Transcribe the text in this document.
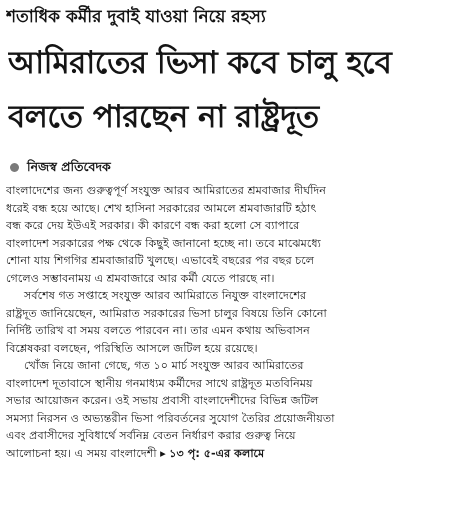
শতাধিক কর্মীর দুবাই যাওয়া নিয়ে রহস্য
আমিরাতের ভিসা কবে চালু হবে
বলতে পারছেন না রাষ্ট্রদূত
নিজস্ব প্রতিবেদক
বাংলাদেশের জন্য গুরুত্বপূর্ণ সংযুক্ত আরব আমিরাতের শ্রমবাজার দীর্ঘদিন
ধরেই বন্ধ হয়ে আছে। শেখ হাসিনা সরকারের আমলে শ্রমবাজারটি হঠাৎ
বন্ধ করে দেয় ইউএই সরকার। কী কারণে বন্ধ করা হলো সে ব্যাপারে
বাংলাদেশ সরকারের পক্ষ থেকে কিছুই জানানো হচ্ছে না। তবে মাঝেমধ্যে
শোনা যায় শিগগির শ্রমবাজারটি খুলছে। এভাবেই বছরের পর বছর চলে
গেলেও সম্ভাবনাময় এ শ্রমবাজারে আর কর্মী যেতে পারছে না।
সর্বশেষ গত সপ্তাহে সংযুক্ত আরব আমিরাতে নিযুক্ত বাংলাদেশের
রাষ্ট্রদূত জানিয়েছেন, আমিরাত সরকারের ভিসা চালুর বিষয়ে তিনি কোনো
নির্দিষ্ট তারিখ বা সময় বলতে পারবেন না। তার এমন কথায় অভিবাসন
বিশ্লেষকরা বলছেন, পরিস্থিতি আসলে জটিল হয়ে রয়েছে।
খোঁজ নিয়ে জানা গেছে, গত ১০ মার্চ সংযুক্ত আরব আমিরাতের
বাংলাদেশ দূতাবাসে স্থানীয় গনমাধ্যম কর্মীদের সাথে রাষ্ট্রদূত মতবিনিময়
সভার আয়োজন করেন। ওই সভায় প্রবাসী বাংলাদেশীদের বিভিন্ন জটিল
সমস্যা নিরসন ও অভ্যন্তরীন ভিসা পরিবর্তনের সুযোগ তৈরির প্রয়োজনীয়তা
এবং প্রবাসীদের সুবিধার্থে সর্বনিম্ন বেতন নির্ধারণ করার গুরুত্ব নিয়ে
আলোচনা হয়। এ সময় বাংলাদেশী ▸ ১৩ পৃ: ৫-এর কলামে
